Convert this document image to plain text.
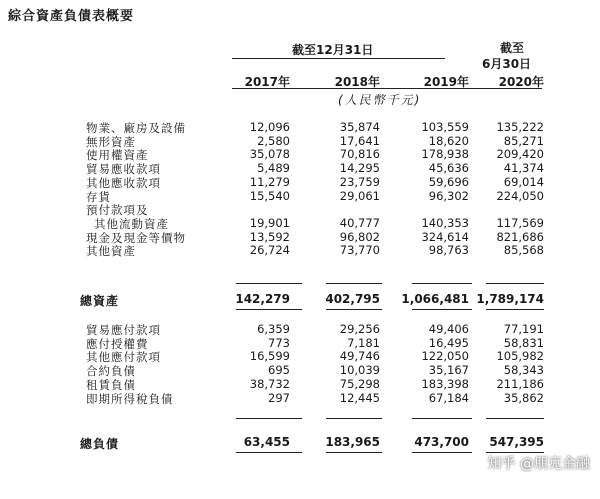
綜合資產負債表概要
截至12月31日	截至
6月30日
2017年	2018年	2019年	2020年
(人民幣千元)
物業、廠房及設備	12,096	35,874	103,559	135,222
無形資產	2,580	17,641	18,620	85,271
使用權資產	35,078	70,816	178,938	209,420
貿易應收款項	5,489	14,295	45,636	41,374
其他應收款項	11,279	23,759	59,696	69,014
存貨	15,540	29,061	96,302	224,050
預付款項及
其他流動資產	19,901	40,777	140,353	117,569
現金及現金等價物	13,592	96,802	324,614	821,686
其他資產	26,724	73,770	98,763	85,568
總資產	142,279	402,795	1,066,481 1,789,174
貿易應付款項	6,359	29,256	49,406	77,191
應付授權費	773	7,181	16,495	58,831
其他應付款項	16,599	49,746	122,050	105,982
合約負債	695	10,039	35,167	58,343
租賃負債	38,732	75,298	183,398	211,186
即期所得稅負債	297	12,445	67,184	35,862
總負債	63,455	183,965	473,700	547,395
知乎 @朋克金融
